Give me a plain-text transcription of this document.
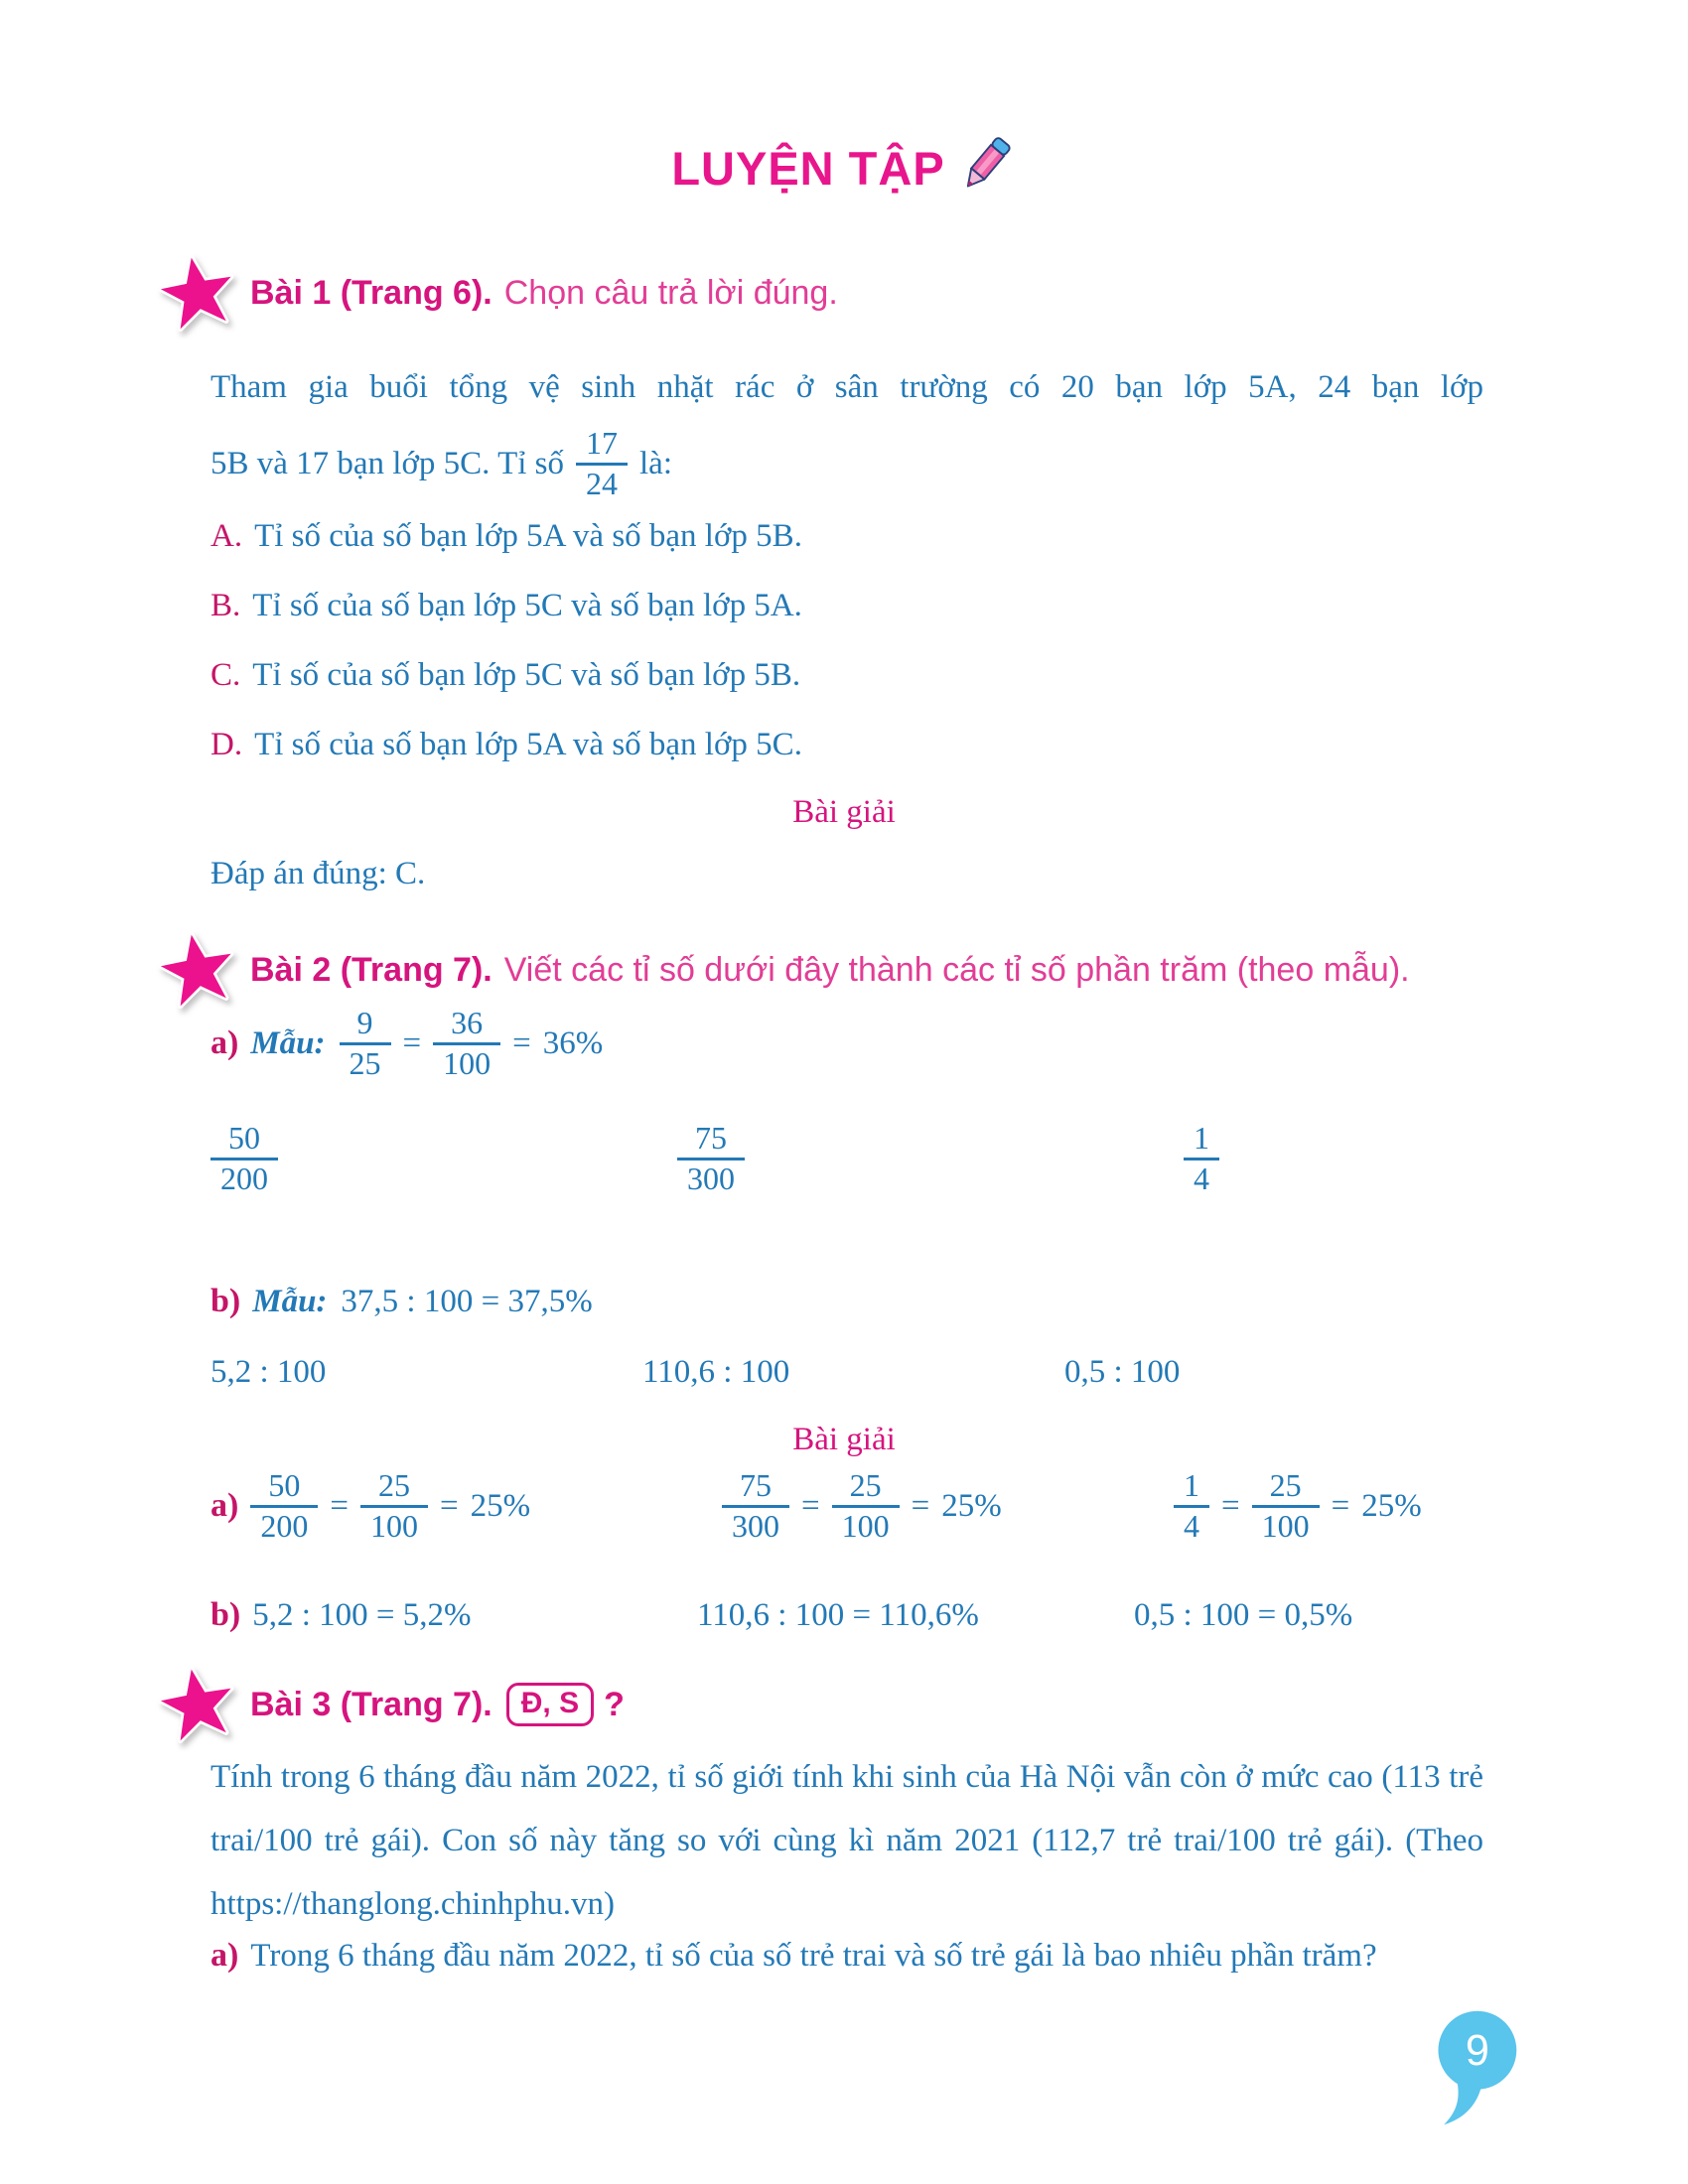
LUYỆN TẬP
Bài 1 (Trang 6). Chọn câu trả lời đúng.
Tham gia buổi tổng vệ sinh nhặt rác ở sân trường có 20 bạn lớp 5A, 24 bạn lớp
5B và 17 bạn lớp 5C. Tỉ số $\frac{17}{24}$ là:
A. Tỉ số của số bạn lớp 5A và số bạn lớp 5B.
B. Tỉ số của số bạn lớp 5C và số bạn lớp 5A.
C. Tỉ số của số bạn lớp 5C và số bạn lớp 5B.
D. Tỉ số của số bạn lớp 5A và số bạn lớp 5C.
Bài giải
Đáp án đúng: C.
Bài 2 (Trang 7). Viết các tỉ số dưới đây thành các tỉ số phần trăm (theo mẫu).
a) Mẫu: $\frac{9}{25} = \frac{36}{100} = 36\%$
$\frac{50}{200}$	$\frac{75}{300}$	$\frac{1}{4}$
b) Mẫu: 37,5 : 100 = 37,5%
5,2 : 100	110,6 : 100	0,5 : 100
Bài giải
$a) \frac{50}{200} = \frac{25}{100} = 25\%$	$\frac{75}{300} = \frac{25}{100} = 25\%$	$\frac{1}{4} = \frac{25}{100} = 25\%$
b) 5,2 : 100 = 5,2%	110,6 : 100 = 110,6%	0,5 : 100 = 0,5%
Bài 3 (Trang 7). Đ, S ?
Tính trong 6 tháng đầu năm 2022, tỉ số giới tính khi sinh của Hà Nội vẫn còn ở mức cao (113 trẻ trai/100 trẻ gái). Con số này tăng so với cùng kì năm 2021 (112,7 trẻ trai/100 trẻ gái). (Theo https://thanglong.chinhphu.vn)
a) Trong 6 tháng đầu năm 2022, tỉ số của số trẻ trai và số trẻ gái là bao nhiêu phần trăm?
9
